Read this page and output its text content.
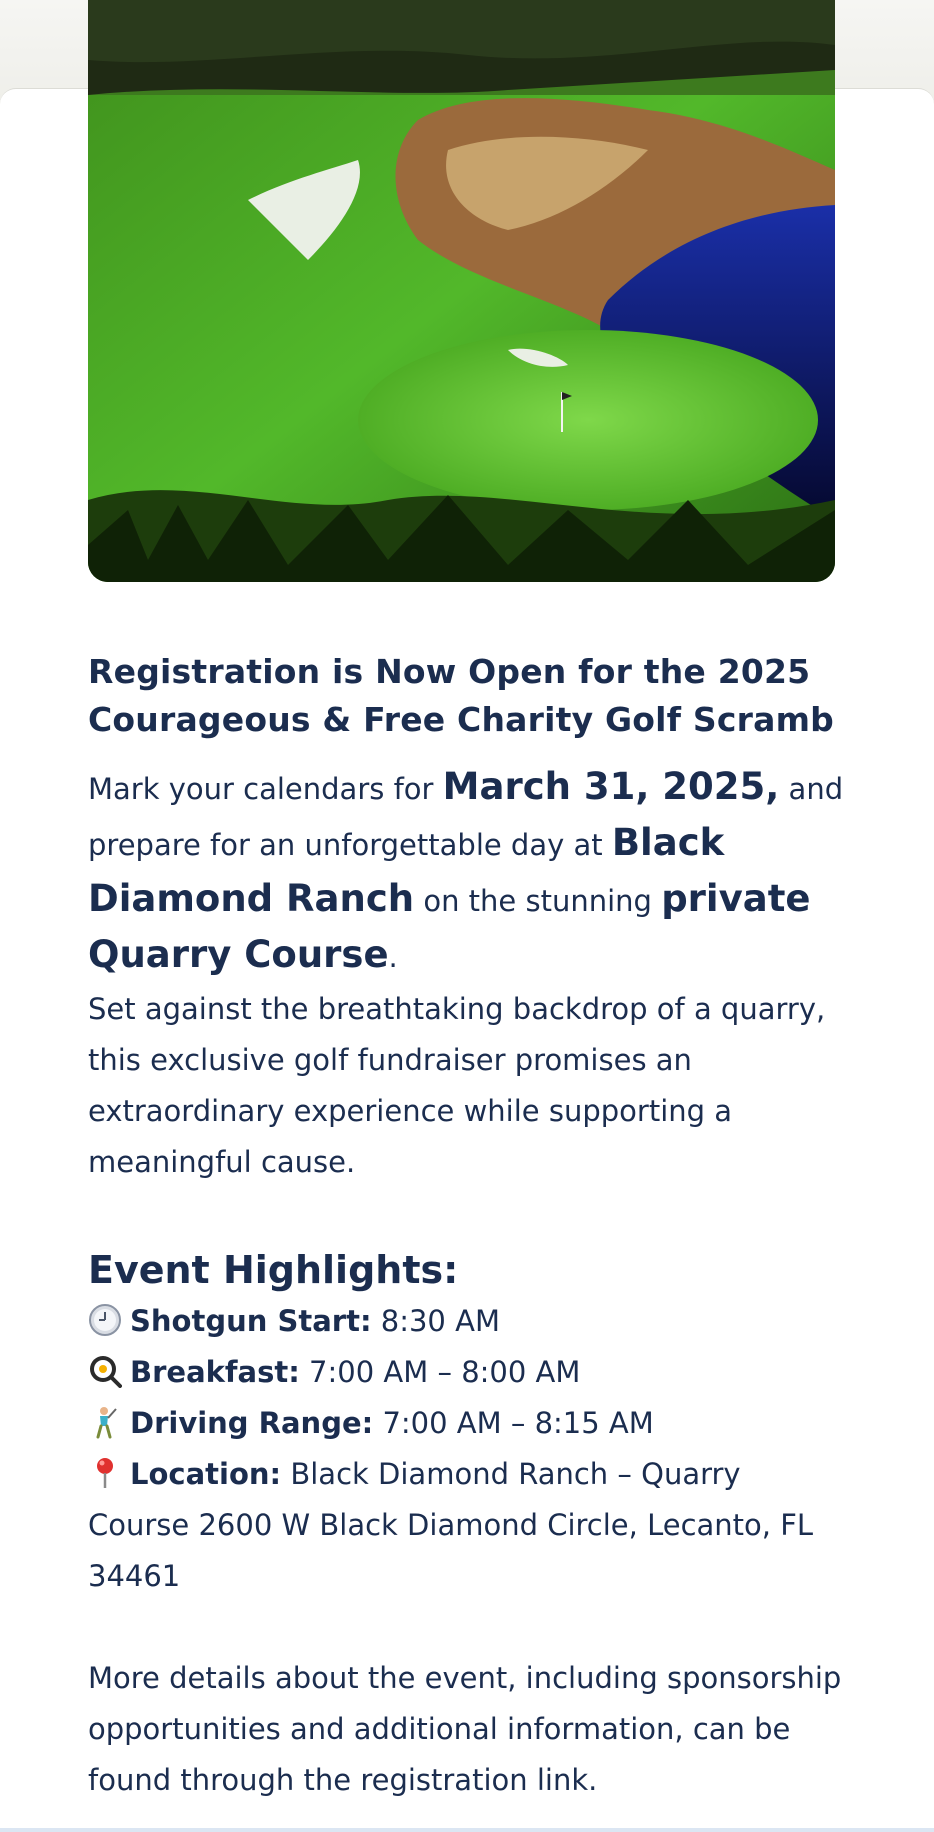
Registration is Now Open for the 2025 Courageous & Free Charity Golf Scramb

Mark your calendars for March 31, 2025, and prepare for an unforgettable day at Black Diamond Ranch on the stunning private Quarry Course.

Set against the breathtaking backdrop of a quarry, this exclusive golf fundraiser promises an extraordinary experience while supporting a meaningful cause.

Event Highlights:
Shotgun Start: 8:30 AM
Breakfast: 7:00 AM – 8:00 AM
Driving Range: 7:00 AM – 8:15 AM
Location: Black Diamond Ranch – Quarry Course 2600 W Black Diamond Circle, Lecanto, FL 34461

More details about the event, including sponsorship opportunities and additional information, can be found through the registration link.
